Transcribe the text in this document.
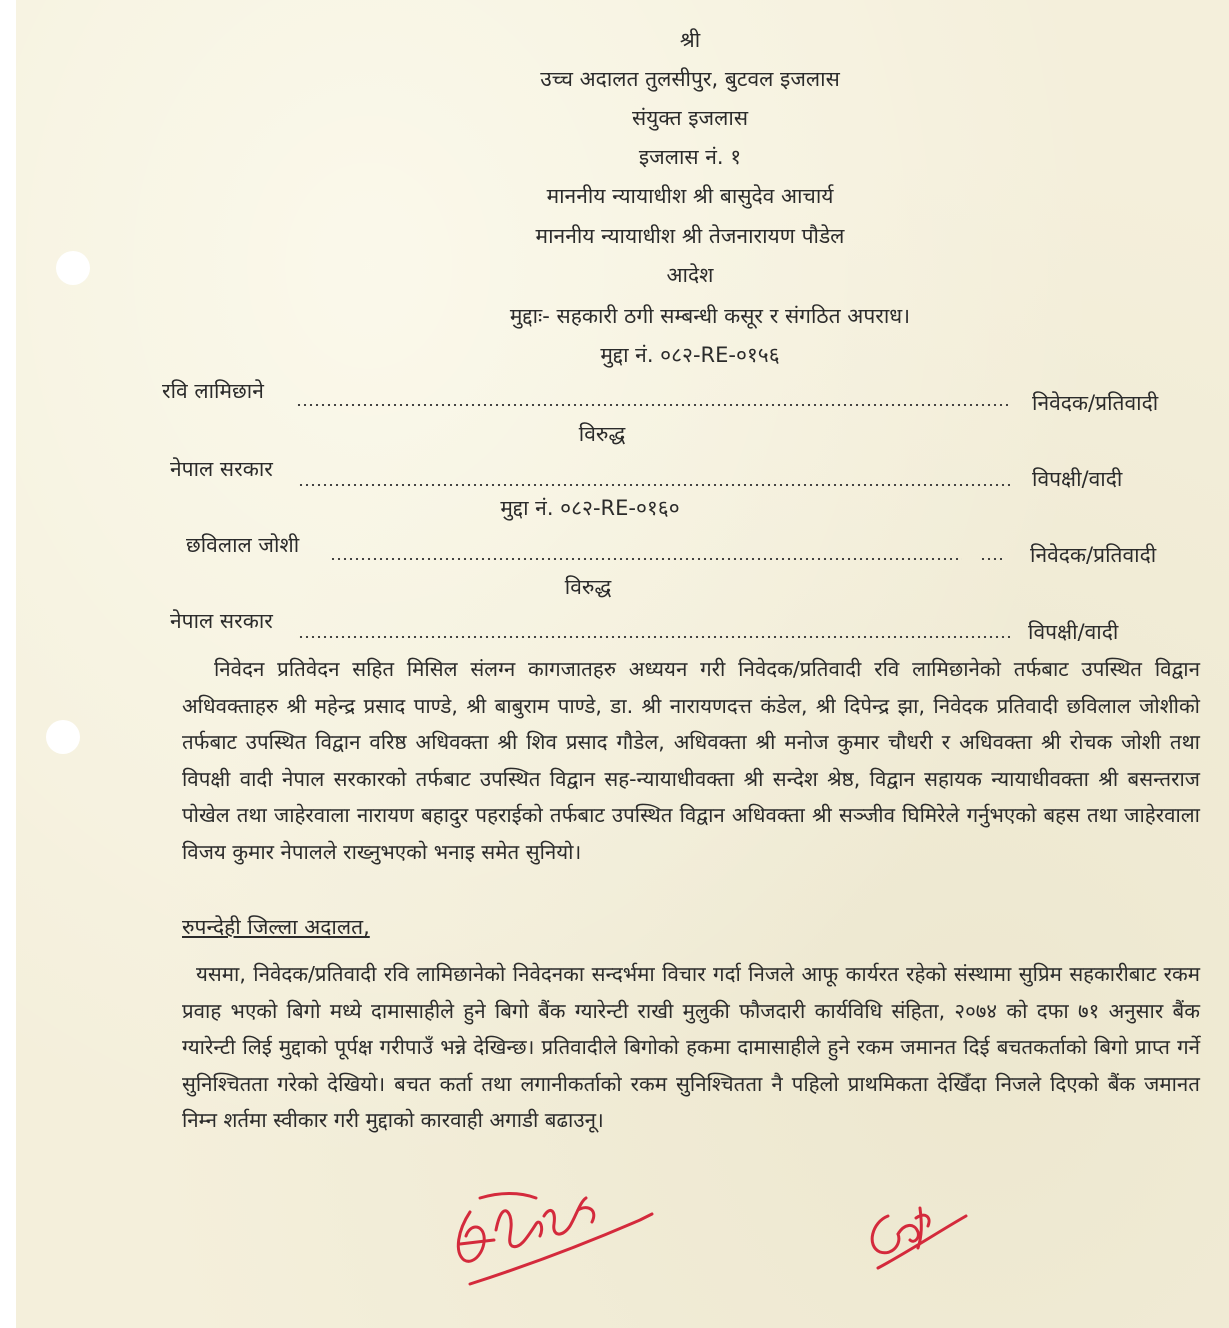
श्री
उच्च अदालत तुलसीपुर, बुटवल इजलास
संयुक्त इजलास
इजलास नं. १
माननीय न्यायाधीश श्री बासुदेव आचार्य
माननीय न्यायाधीश श्री तेजनारायण पौडेल
आदेश
मुद्दाः- सहकारी ठगी सम्बन्धी कसूर र संगठित अपराध।
मुद्दा नं. ०८२-RE-०१५६
रवि लामिछाने	निवेदक/प्रतिवादी
विरुद्ध
नेपाल सरकार	विपक्षी/वादी
मुद्दा नं. ०८२-RE-०१६०
छविलाल जोशी	निवेदक/प्रतिवादी
विरुद्ध
नेपाल सरकार	विपक्षी/वादी
निवेदन प्रतिवेदन सहित मिसिल संलग्न कागजातहरु अध्ययन गरी निवेदक/प्रतिवादी रवि लामिछानेको तर्फबाट उपस्थित विद्वान अधिवक्ताहरु श्री महेन्द्र प्रसाद पाण्डे, श्री बाबुराम पाण्डे, डा. श्री नारायणदत्त कंडेल, श्री दिपेन्द्र झा, निवेदक प्रतिवादी छविलाल जोशीको तर्फबाट उपस्थित विद्वान वरिष्ठ अधिवक्ता श्री शिव प्रसाद गौडेल, अधिवक्ता श्री मनोज कुमार चौधरी र अधिवक्ता श्री रोचक जोशी तथा विपक्षी वादी नेपाल सरकारको तर्फबाट उपस्थित विद्वान सह-न्यायाधीवक्ता श्री सन्देश श्रेष्ठ, विद्वान सहायक न्यायाधीवक्ता श्री बसन्तराज पोखेल तथा जाहेरवाला नारायण बहादुर पहराईको तर्फबाट उपस्थित विद्वान अधिवक्ता श्री सञ्जीव घिमिरेले गर्नुभएको बहस तथा जाहेरवाला विजय कुमार नेपालले राख्नुभएको भनाइ समेत सुनियो।
रुपन्देही जिल्ला अदालत,
यसमा, निवेदक/प्रतिवादी रवि लामिछानेको निवेदनका सन्दर्भमा विचार गर्दा निजले आफू कार्यरत रहेको संस्थामा सुप्रिम सहकारीबाट रकम प्रवाह भएको बिगो मध्ये दामासाहीले हुने बिगो बैंक ग्यारेन्टी राखी मुलुकी फौजदारी कार्यविधि संहिता, २०७४ को दफा ७१ अनुसार बैंक ग्यारेन्टी लिई मुद्दाको पूर्पक्ष गरीपाउँ भन्ने देखिन्छ। प्रतिवादीले बिगोको हकमा दामासाहीले हुने रकम जमानत दिई बचतकर्ताको बिगो प्राप्त गर्ने सुनिश्चितता गरेको देखियो। बचत कर्ता तथा लगानीकर्ताको रकम सुनिश्चितता नै पहिलो प्राथमिकता देखिँदा निजले दिएको बैंक जमानत निम्न शर्तमा स्वीकार गरी मुद्दाको कारवाही अगाडी बढाउनू।
